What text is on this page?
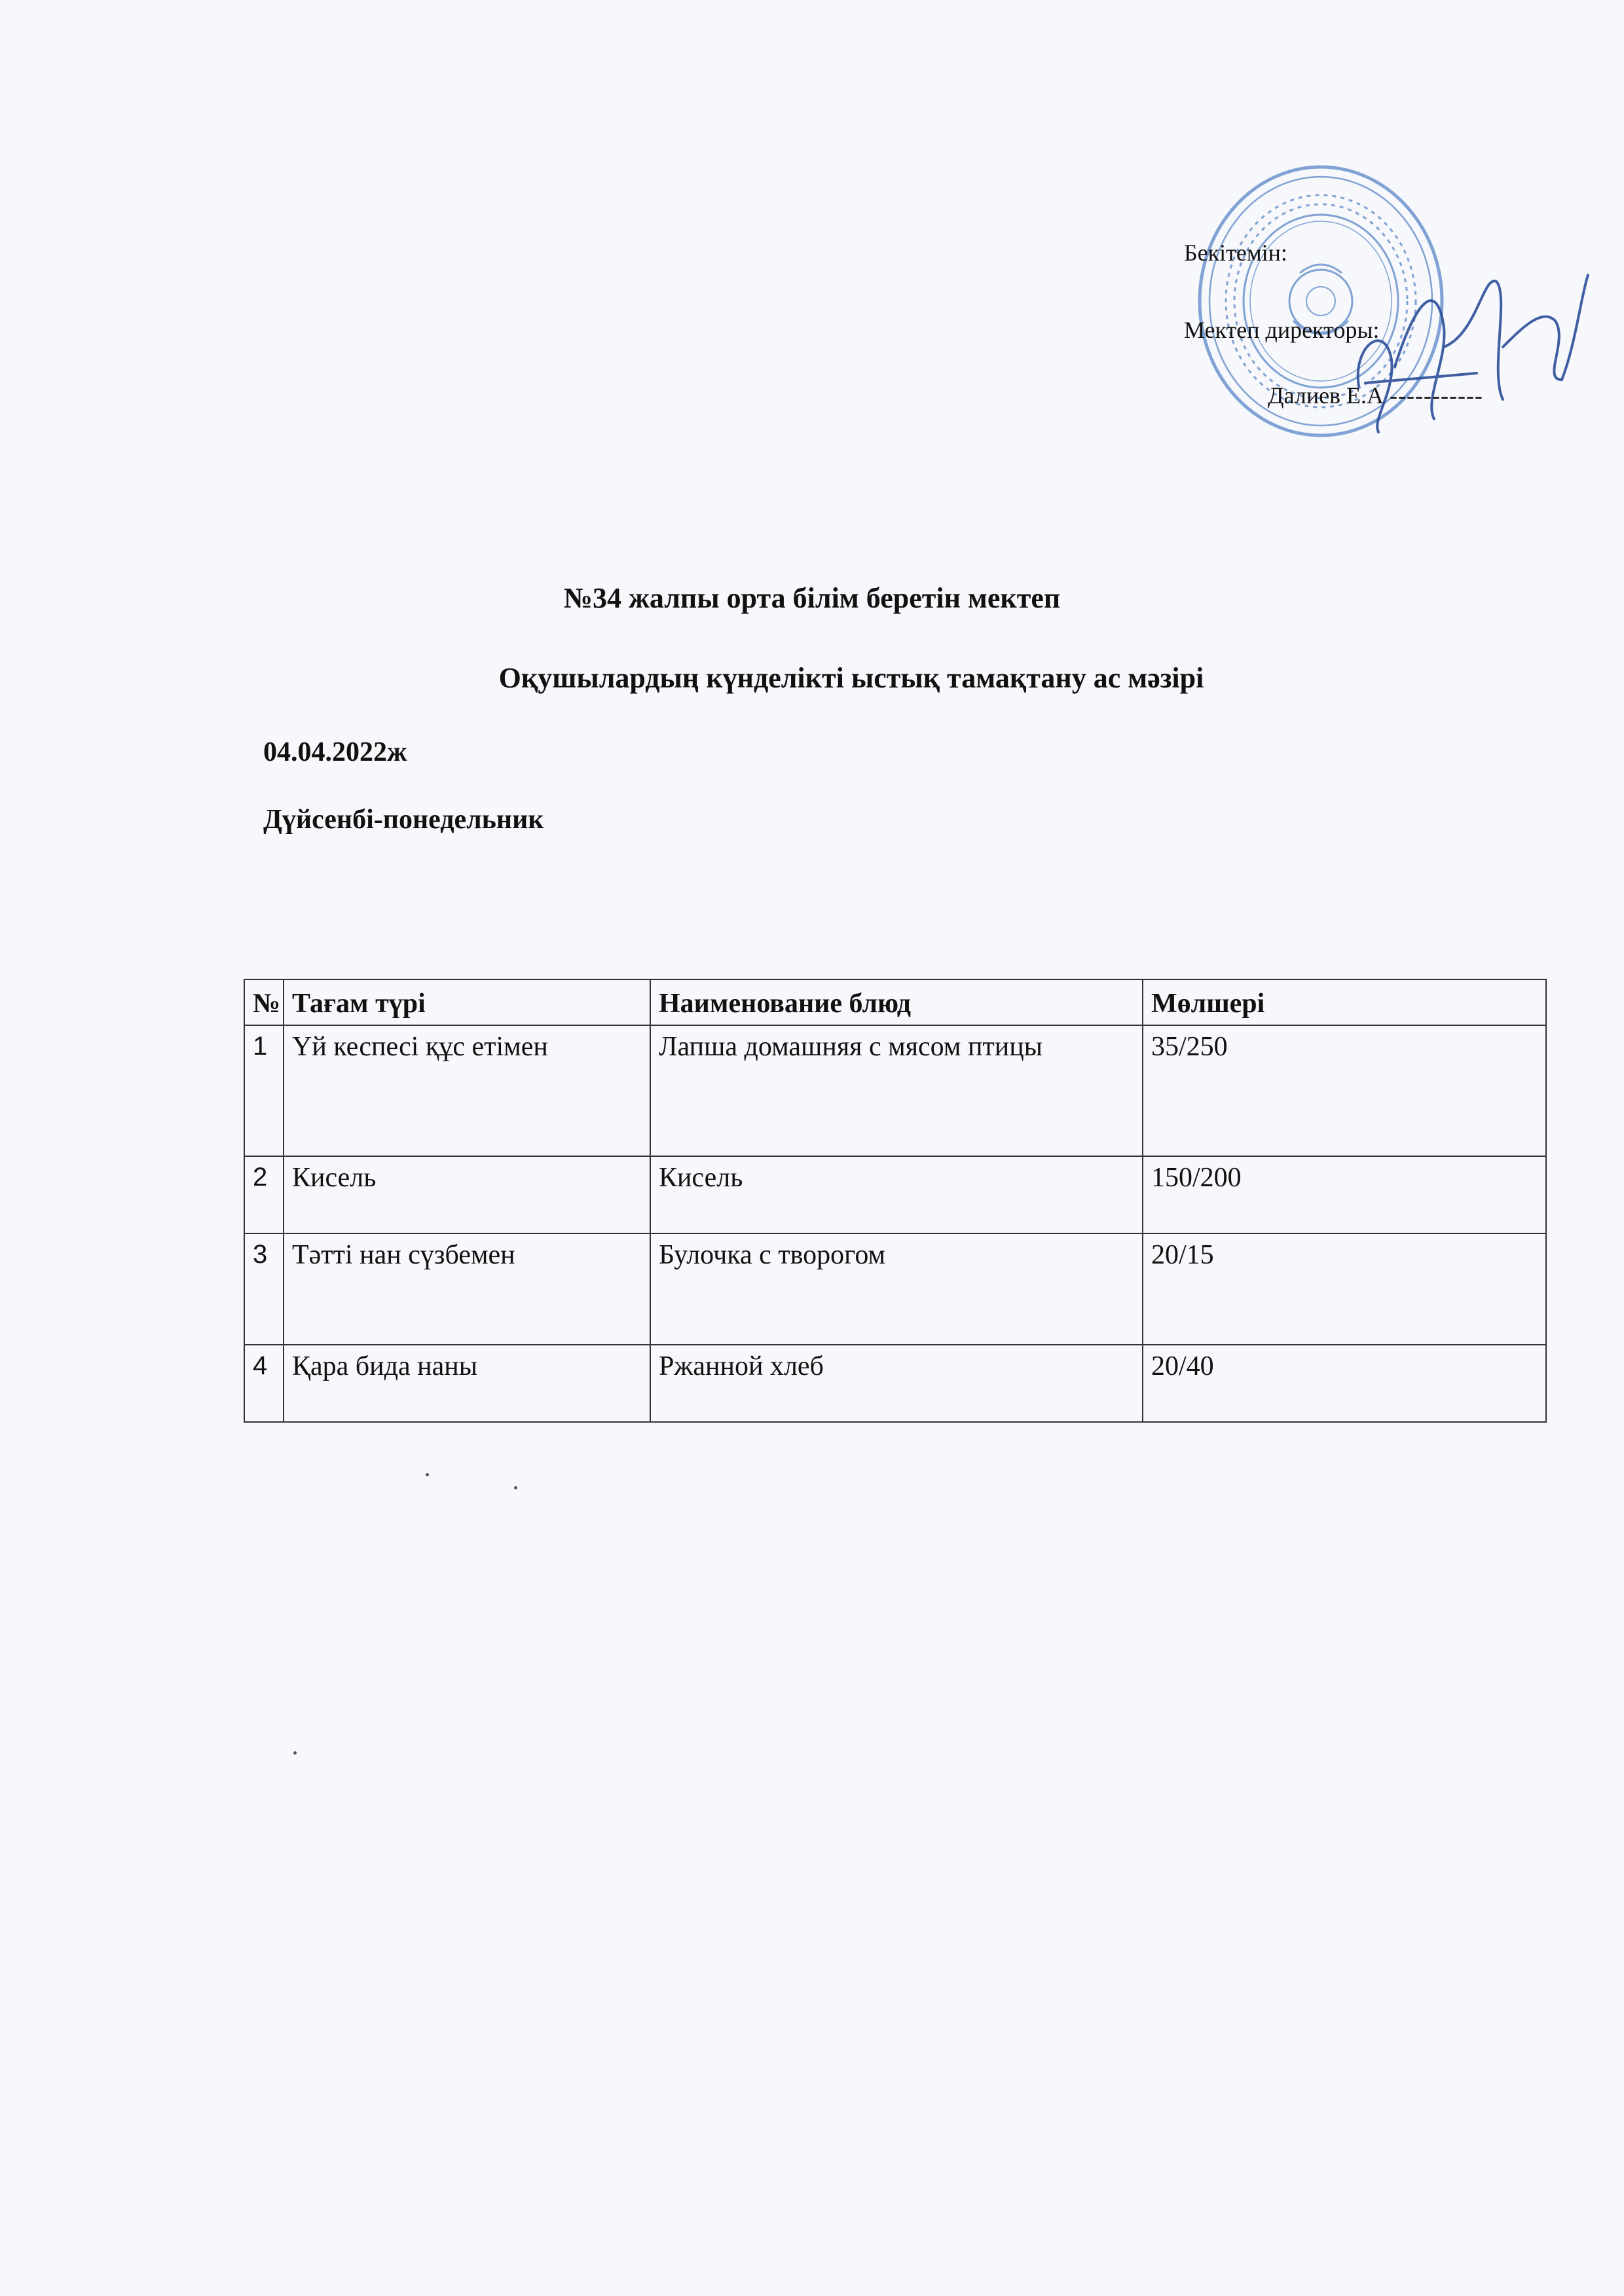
Бекітемін:
Мектеп директоры:
Далиев Е.А -----------
№34 жалпы орта білім беретін мектеп
Оқушылардың күнделікті ыстық тамақтану ас мәзірі
04.04.2022ж
Дүйсенбі-понедельник
№	Тағам түрі	Наименование блюд	Мөлшері
1	Үй кеспесі құс етімен	Лапша домашняя с мясом птицы	35/250
2	Кисель	Кисель	150/200
3	Тәтті нан сүзбемен	Булочка с творогом	20/15
4	Қара бида наны	Ржанной хлеб	20/40
